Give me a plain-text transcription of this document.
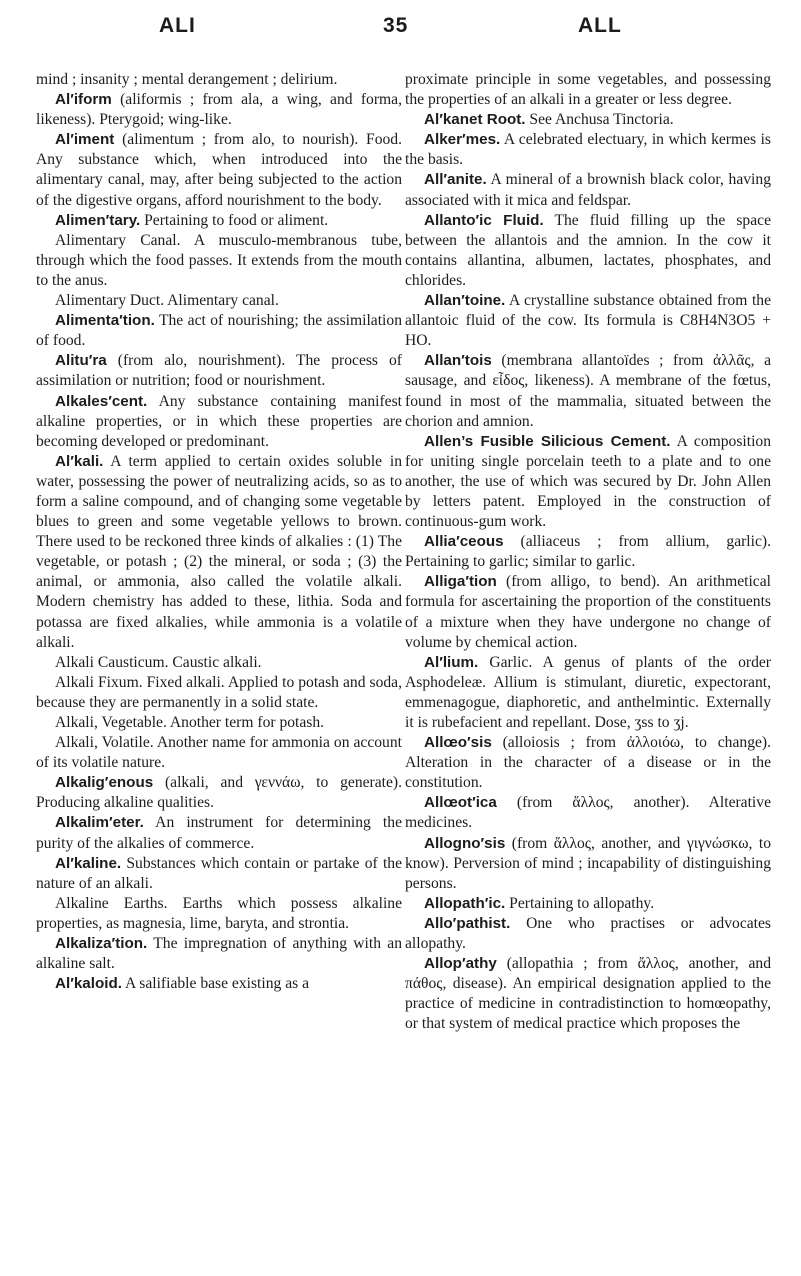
ALI	35	ALL

mind ; insanity ; mental derangement ; delirium.

Al′iform (aliformis ; from ala, a wing, and forma, likeness). Pterygoid; wing-like.

Al′iment (alimentum ; from alo, to nourish). Food. Any substance which, when introduced into the alimentary canal, may, after being subjected to the action of the digestive organs, afford nourishment to the body.

Alimen′tary. Pertaining to food or aliment.

Alimentary Canal. A musculo-membranous tube, through which the food passes. It extends from the mouth to the anus.

Alimentary Duct. Alimentary canal.

Alimenta′tion. The act of nourishing; the assimilation of food.

Alitu′ra (from alo, nourishment). The process of assimilation or nutrition; food or nourishment.

Alkales′cent. Any substance containing manifest alkaline properties, or in which these properties are becoming developed or predominant.

Al′kali. A term applied to certain oxides soluble in water, possessing the power of neutralizing acids, so as to form a saline compound, and of changing some vegetable blues to green and some vegetable yellows to brown. There used to be reckoned three kinds of alkalies : (1) The vegetable, or potash ; (2) the mineral, or soda ; (3) the animal, or ammonia, also called the volatile alkali. Modern chemistry has added to these, lithia. Soda and potassa are fixed alkalies, while ammonia is a volatile alkali.

Alkali Causticum. Caustic alkali.

Alkali Fixum. Fixed alkali. Applied to potash and soda, because they are permanently in a solid state.

Alkali, Vegetable. Another term for potash.

Alkali, Volatile. Another name for ammonia on account of its volatile nature.

Alkalig′enous (alkali, and γεννάω, to generate). Producing alkaline qualities.

Alkalim′eter. An instrument for determining the purity of the alkalies of commerce.

Al′kaline. Substances which contain or partake of the nature of an alkali.

Alkaline Earths. Earths which possess alkaline properties, as magnesia, lime, baryta, and strontia.

Alkaliza′tion. The impregnation of anything with an alkaline salt.

Al′kaloid. A salifiable base existing as a

proximate principle in some vegetables, and possessing the properties of an alkali in a greater or less degree.

Al′kanet Root. See Anchusa Tinctoria.

Alker′mes. A celebrated electuary, in which kermes is the basis.

All′anite. A mineral of a brownish black color, having associated with it mica and feldspar.

Allanto′ic Fluid. The fluid filling up the space between the allantois and the amnion. In the cow it contains allantina, albumen, lactates, phosphates, and chlorides.

Allan′toine. A crystalline substance obtained from the allantoic fluid of the cow. Its formula is C8H4N3O5 + HO.

Allan′tois (membrana allantoïdes ; from ἀλλᾶς, a sausage, and εἶδος, likeness). A membrane of the fœtus, found in most of the mammalia, situated between the chorion and amnion.

Allen’s Fusible Silicious Cement. A composition for uniting single porcelain teeth to a plate and to one another, the use of which was secured by Dr. John Allen by letters patent. Employed in the construction of continuous-gum work.

Allia′ceous (alliaceus ; from allium, garlic). Pertaining to garlic; similar to garlic.

Alliga′tion (from alligo, to bend). An arithmetical formula for ascertaining the proportion of the constituents of a mixture when they have undergone no change of volume by chemical action.

Al′lium. Garlic. A genus of plants of the order Asphodeleæ. Allium is stimulant, diuretic, expectorant, emmenagogue, diaphoretic, and anthelmintic. Externally it is rubefacient and repellant. Dose, ʒss to ʒj.

Allœo′sis (alloiosis ; from ἀλλοιόω, to change). Alteration in the character of a disease or in the constitution.

Allœot′ica (from ἄλλος, another). Alterative medicines.

Allogno′sis (from ἄλλος, another, and γιγνώσκω, to know). Perversion of mind ; incapability of distinguishing persons.

Allopath′ic. Pertaining to allopathy.

Allo′pathist. One who practises or advocates allopathy.

Allop′athy (allopathia ; from ἄλλος, another, and πάθος, disease). An empirical designation applied to the practice of medicine in contradistinction to homœopathy, or that system of medical practice which proposes the
